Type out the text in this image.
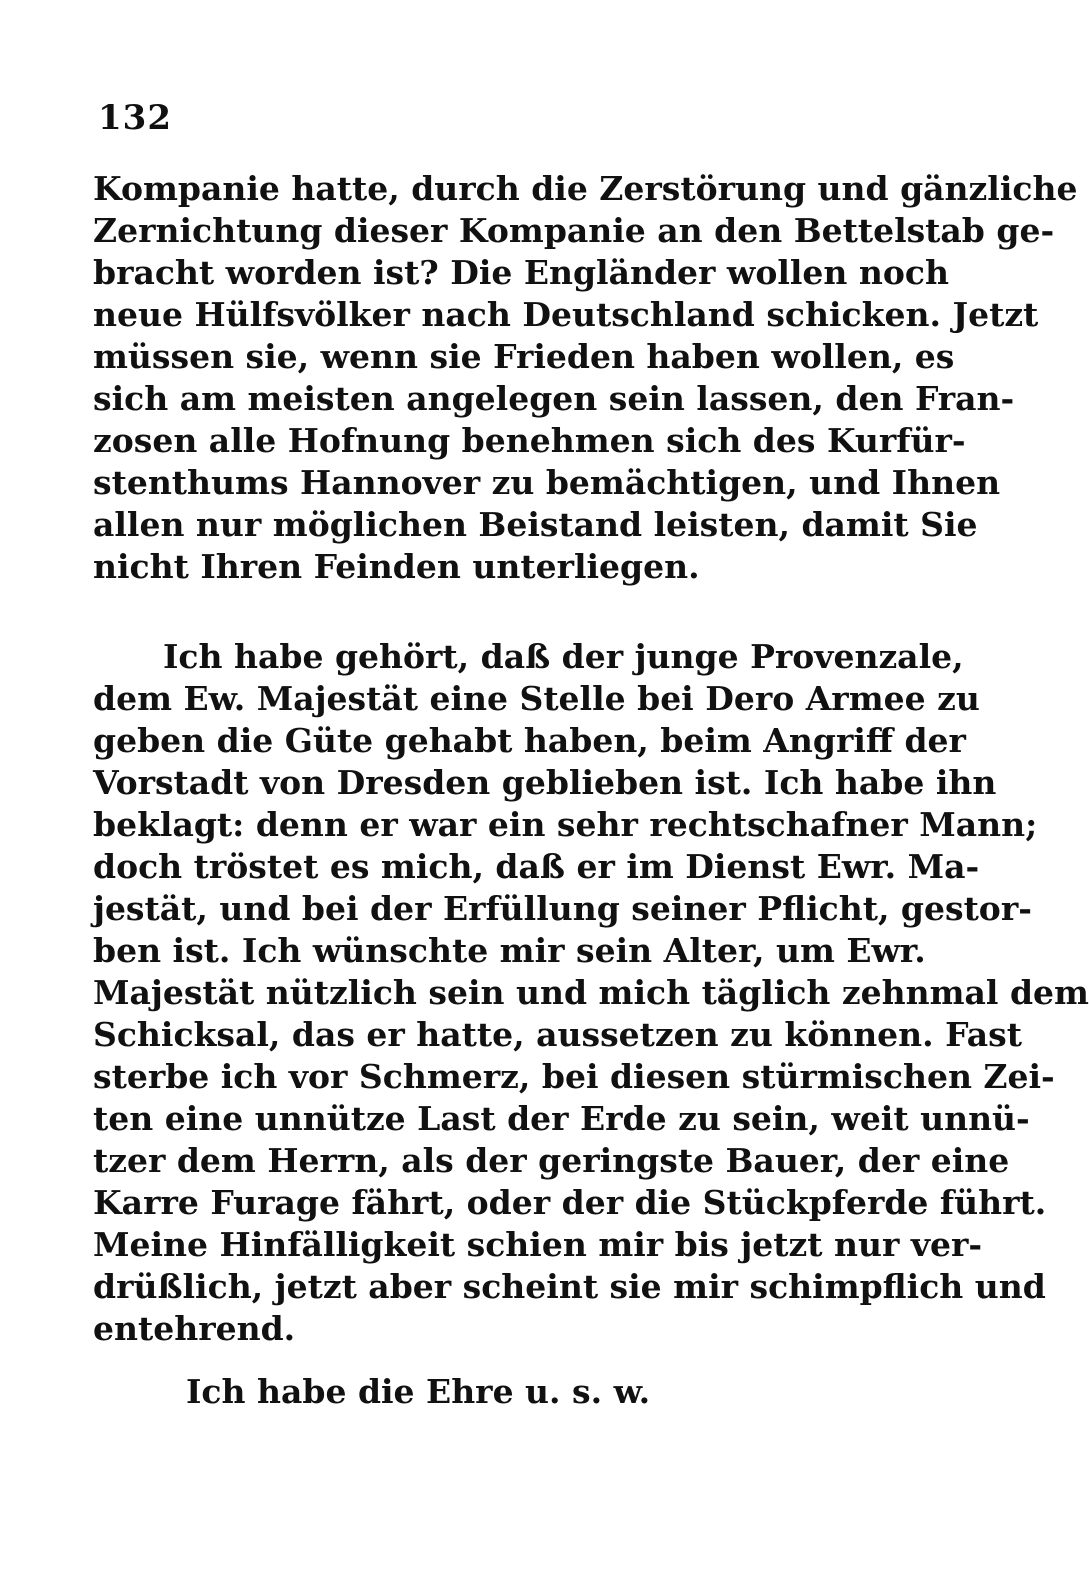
132
Kompanie hatte, durch die Zerstörung und gänzliche
Zernichtung dieser Kompanie an den Bettelstab ge-
bracht worden ist? Die Engländer wollen noch
neue Hülfsvölker nach Deutschland schicken. Jetzt
müssen sie, wenn sie Frieden haben wollen, es
sich am meisten angelegen sein lassen, den Fran-
zosen alle Hofnung benehmen sich des Kurfür-
stenthums Hannover zu bemächtigen, und Ihnen
allen nur möglichen Beistand leisten, damit Sie
nicht Ihren Feinden unterliegen.
Ich habe gehört, daß der junge Provenzale,
dem Ew. Majestät eine Stelle bei Dero Armee zu
geben die Güte gehabt haben, beim Angriff der
Vorstadt von Dresden geblieben ist. Ich habe ihn
beklagt: denn er war ein sehr rechtschafner Mann;
doch tröstet es mich, daß er im Dienst Ewr. Ma-
jestät, und bei der Erfüllung seiner Pflicht, gestor-
ben ist. Ich wünschte mir sein Alter, um Ewr.
Majestät nützlich sein und mich täglich zehnmal dem
Schicksal, das er hatte, aussetzen zu können. Fast
sterbe ich vor Schmerz, bei diesen stürmischen Zei-
ten eine unnütze Last der Erde zu sein, weit unnü-
tzer dem Herrn, als der geringste Bauer, der eine
Karre Furage fährt, oder der die Stückpferde führt.
Meine Hinfälligkeit schien mir bis jetzt nur ver-
drüßlich, jetzt aber scheint sie mir schimpflich und
entehrend.
Ich habe die Ehre u. s. w.
